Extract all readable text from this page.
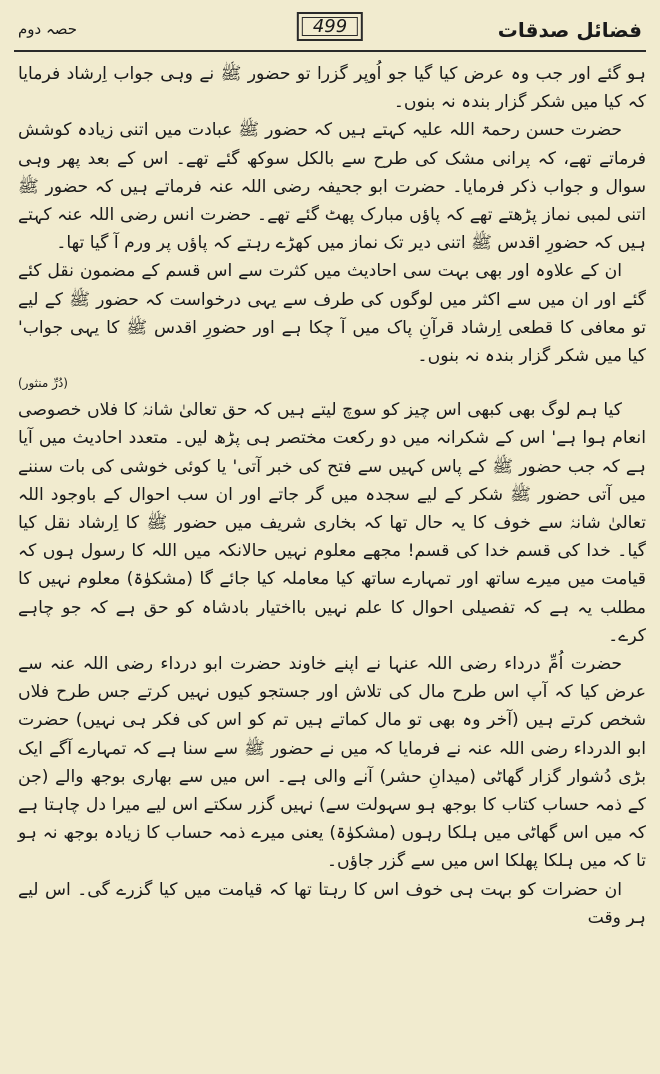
فضائل صدقات
499
حصہ دوم

ہو گئے اور جب وہ عرض کیا گیا جو اُوپر گزرا تو حضور ﷺ نے وہی جواب اِرشاد فرمایا کہ کیا میں شکر گزار بندہ نہ بنوں۔

حضرت حسن رحمۃ اللہ علیہ کہتے ہیں کہ حضور ﷺ عبادت میں اتنی زیادہ کوشش فرماتے تھے، کہ پرانی مشک کی طرح سے بالکل سوکھ گئے تھے۔ اس کے بعد پھر وہی سوال و جواب ذکر فرمایا۔ حضرت ابو جحیفہ رضی اللہ عنہ فرماتے ہیں کہ حضور ﷺ اتنی لمبی نماز پڑھتے تھے کہ پاؤں مبارک پھٹ گئے تھے۔ حضرت انس رضی اللہ عنہ کہتے ہیں کہ حضورِ اقدس ﷺ اتنی دیر تک نماز میں کھڑے رہتے کہ پاؤں پر ورم آ گیا تھا۔

ان کے علاوہ اور بھی بہت سی احادیث میں کثرت سے اس قسم کے مضمون نقل کئے گئے اور ان میں سے اکثر میں لوگوں کی طرف سے یہی درخواست کہ حضور ﷺ کے لیے تو معافی کا قطعی اِرشاد قرآنِ پاک میں آ چکا ہے اور حضورِ اقدس ﷺ کا یہی جواب' کیا میں شکر گزار بندہ نہ بنوں۔

(دُرِّ منثور)

کیا ہم لوگ بھی کبھی اس چیز کو سوچ لیتے ہیں کہ حق تعالیٰ شانہٗ کا فلاں خصوصی انعام ہوا ہے' اس کے شکرانہ میں دو رکعت مختصر ہی پڑھ لیں۔ متعدد احادیث میں آیا ہے کہ جب حضور ﷺ کے پاس کہیں سے فتح کی خبر آتی' یا کوئی خوشی کی بات سننے میں آتی حضور ﷺ شکر کے لیے سجدہ میں گر جاتے اور ان سب احوال کے باوجود اللہ تعالیٰ شانہٗ سے خوف کا یہ حال تھا کہ بخاری شریف میں حضور ﷺ کا اِرشاد نقل کیا گیا۔ خدا کی قسم خدا کی قسم! مجھے معلوم نہیں حالانکہ میں اللہ کا رسول ہوں کہ قیامت میں میرے ساتھ اور تمہارے ساتھ کیا معاملہ کیا جائے گا (مشکوٰۃ) معلوم نہیں کا مطلب یہ ہے کہ تفصیلی احوال کا علم نہیں بااختیار بادشاہ کو حق ہے کہ جو چاہے کرے۔

حضرت اُمِّ درداء رضی اللہ عنہا نے اپنے خاوند حضرت ابو درداء رضی اللہ عنہ سے عرض کیا کہ آپ اس طرح مال کی تلاش اور جستجو کیوں نہیں کرتے جس طرح فلاں شخص کرتے ہیں (آخر وہ بھی تو مال کماتے ہیں تم کو اس کی فکر ہی نہیں) حضرت ابو الدرداء رضی اللہ عنہ نے فرمایا کہ میں نے حضور ﷺ سے سنا ہے کہ تمہارے آگے ایک بڑی دُشوار گزار گھاٹی (میدانِ حشر) آنے والی ہے۔ اس میں سے بھاری بوجھ والے (جن کے ذمہ حساب کتاب کا بوجھ ہو سہولت سے) نہیں گزر سکتے اس لیے میرا دل چاہتا ہے کہ میں اس گھاٹی میں ہلکا رہوں (مشکوٰۃ) یعنی میرے ذمہ حساب کا زیادہ بوجھ نہ ہو تا کہ میں ہلکا پھلکا اس میں سے گزر جاؤں۔

ان حضرات کو بہت ہی خوف اس کا رہتا تھا کہ قیامت میں کیا گزرے گی۔ اس لیے ہر وقت
